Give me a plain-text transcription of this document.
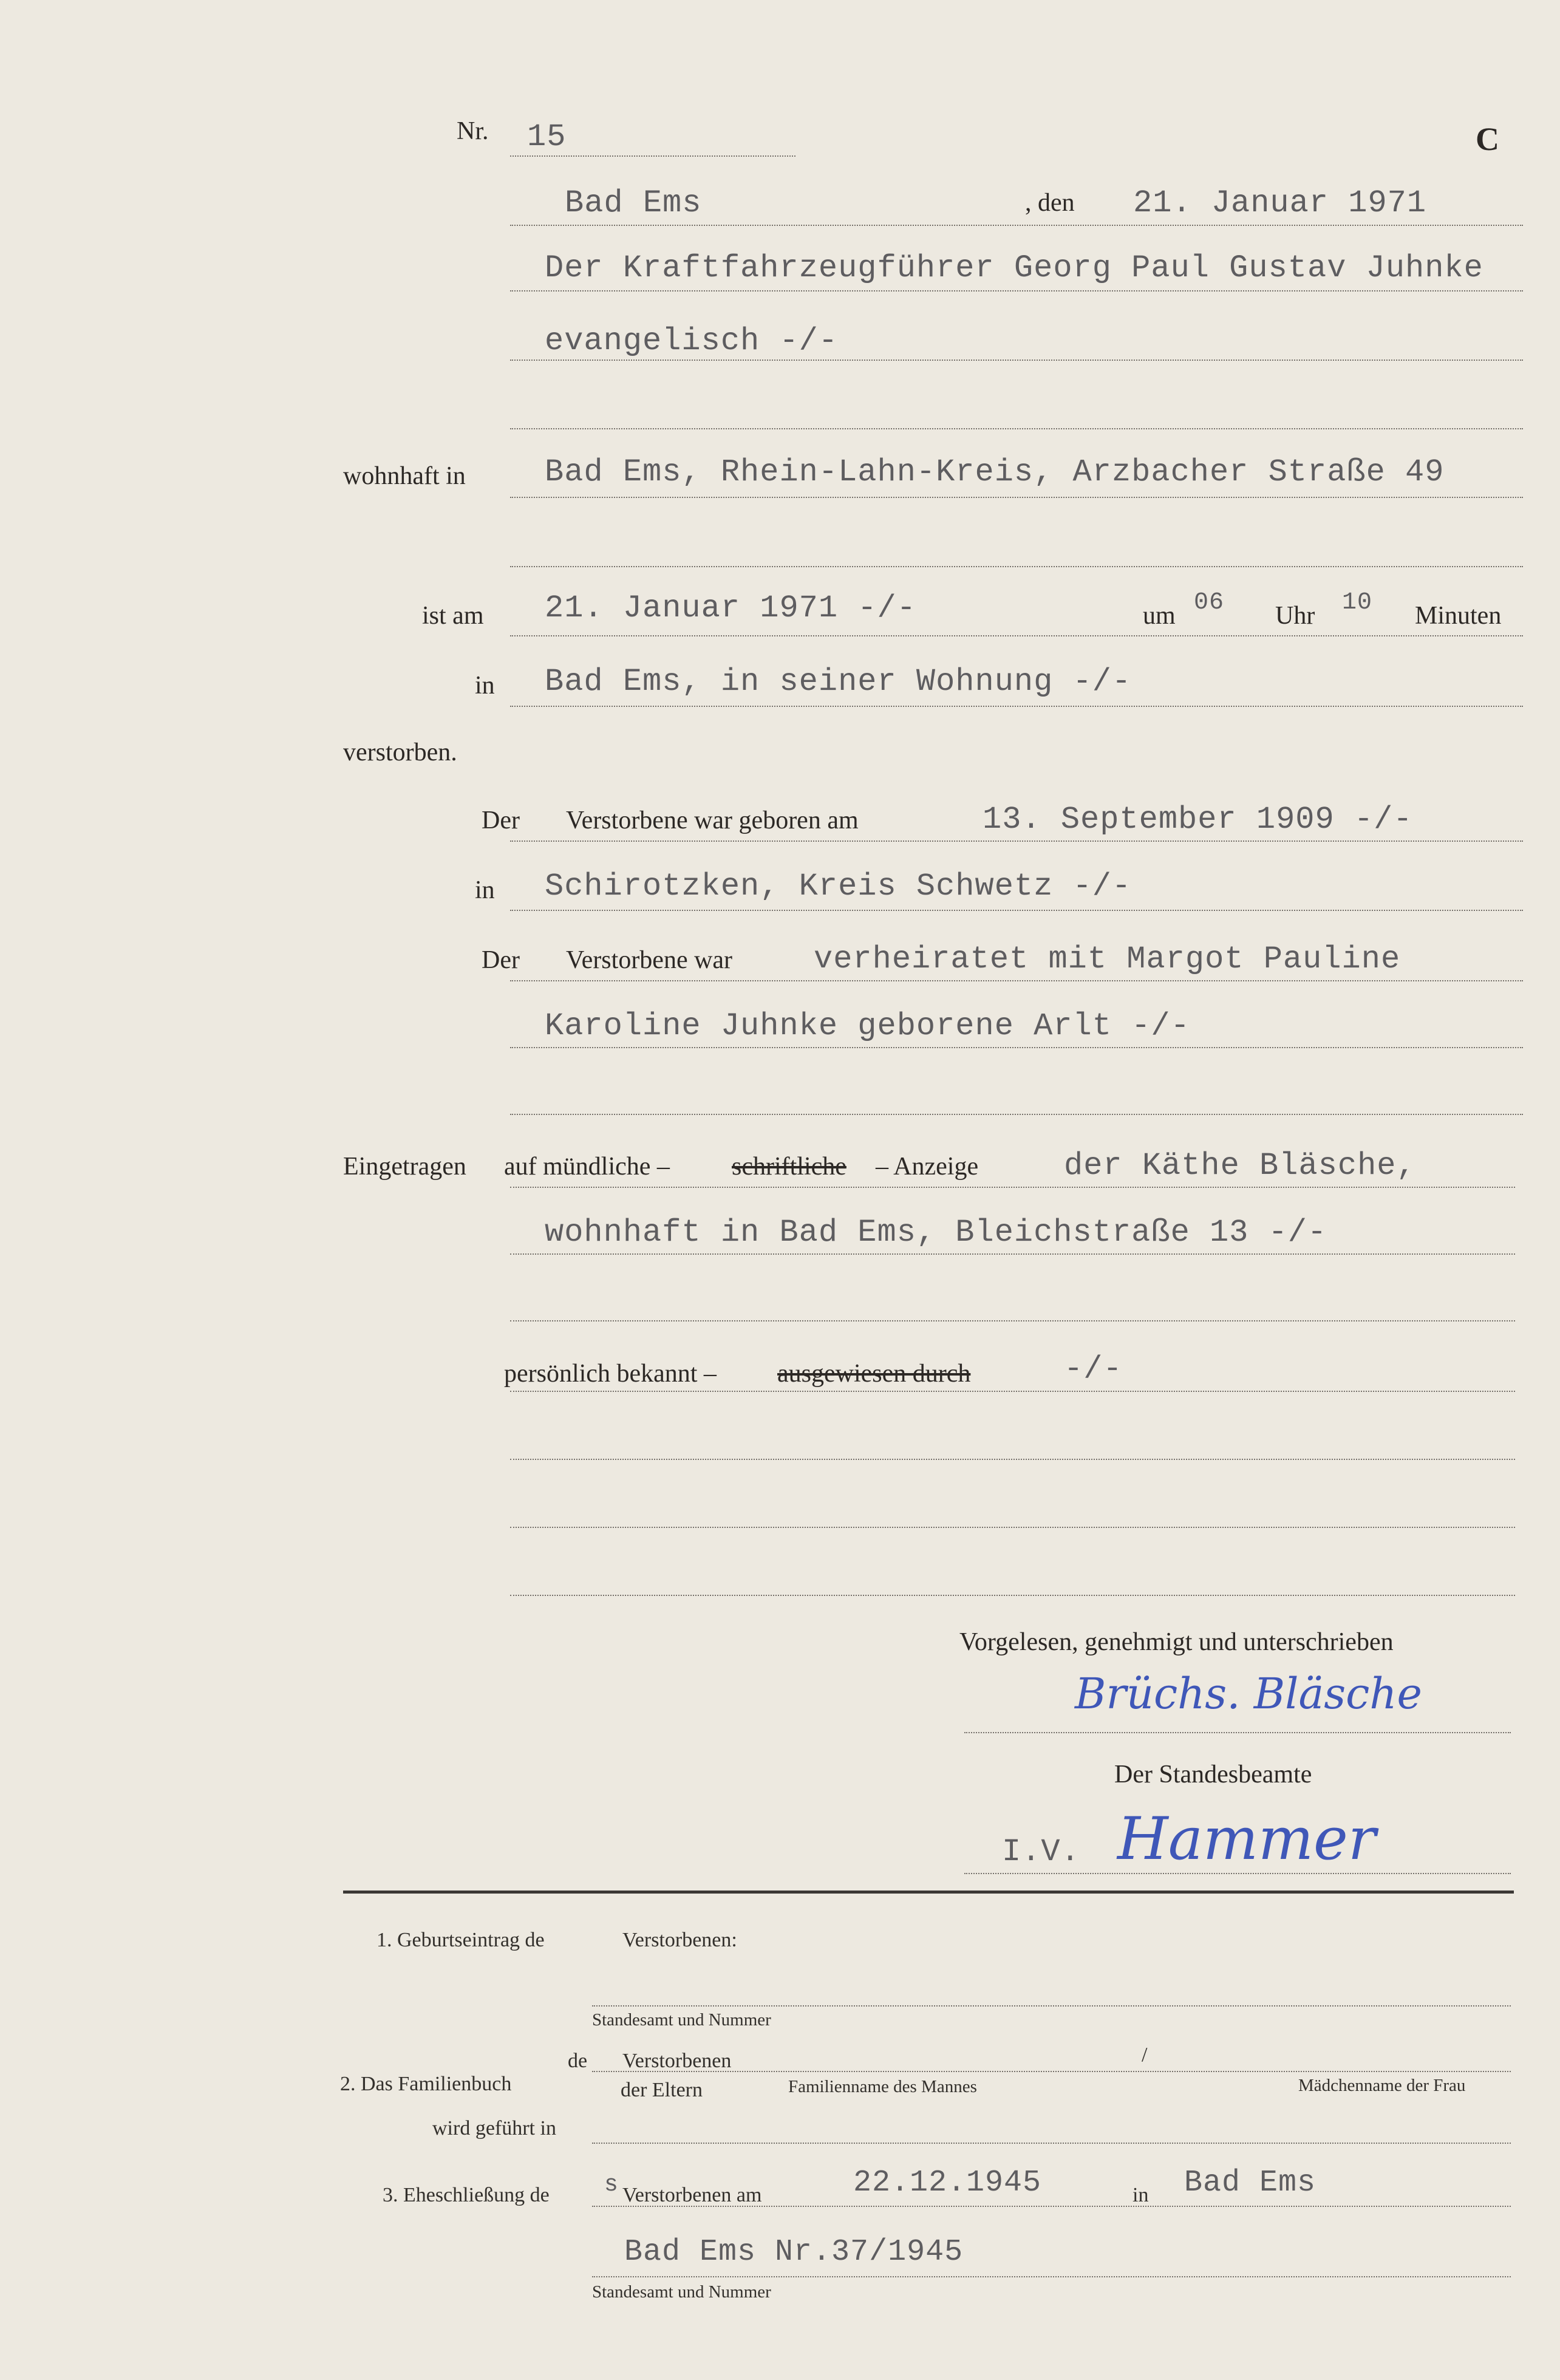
Nr. 15	C
Bad Ems	, den 21. Januar 1971
Der Kraftfahrzeugführer Georg Paul Gustav Juhnke
evangelisch -/-
wohnhaft in	Bad Ems, Rhein-Lahn-Kreis, Arzbacher Straße 49
ist am 21. Januar 1971 -/-	um 06 Uhr 10 Minuten
in Bad Ems, in seiner Wohnung -/-
verstorben.
Der Verstorbene war geboren am	13. September 1909 -/-
in Schirotzken, Kreis Schwetz -/-
Der Verstorbene war	verheiratet mit Margot Pauline
Karoline Juhnke geborene Arlt -/-
Eingetragen auf mündliche – schriftliche – Anzeige	der Käthe Bläsche,
wohnhaft in Bad Ems, Bleichstraße 13 -/-
persönlich bekannt – ausgewiesen durch	-/-
Vorgelesen, genehmigt und unterschrieben
Brüchs. Bläsche
Der Standesbeamte
I.V. Hammer
1. Geburtseintrag de	Verstorbenen:
Standesamt und Nummer
2. Das Familienbuch
de Verstorbenen	/
der Eltern	Familienname des Mannes	Mädchenname der Frau
wird geführt in
3. Eheschließung de s Verstorbenen am	22.12.1945	in Bad Ems
Bad Ems Nr.37/1945
Standesamt und Nummer
